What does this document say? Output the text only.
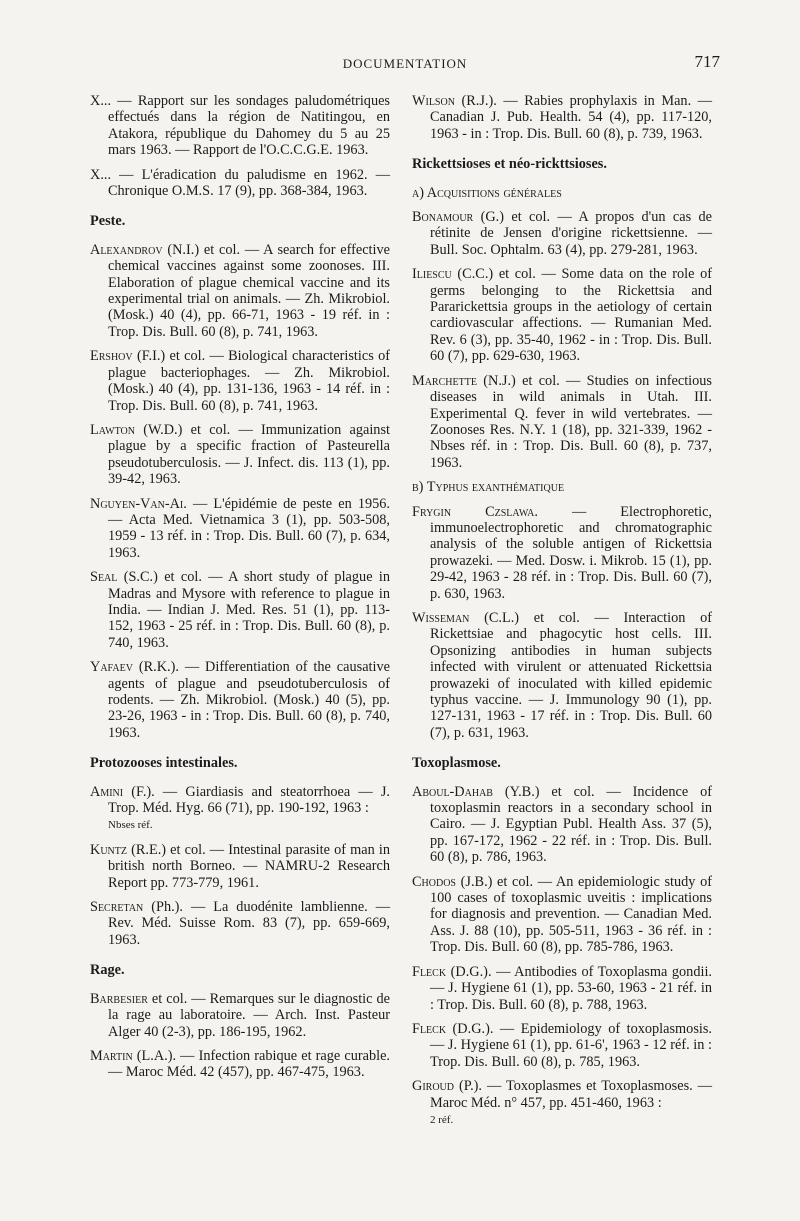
DOCUMENTATION	717
X... — Rapport sur les sondages paludométriques effectués dans la région de Natitingou, en Atakora, république du Dahomey du 5 au 25 mars 1963. — Rapport de l'O.C.C.G.E. 1963.
X... — L'éradication du paludisme en 1962. — Chronique O.M.S. 17 (9), pp. 368-384, 1963.
Peste.
Alexandrov (N.I.) et col. — A search for effective chemical vaccines against some zoonoses. III. Elaboration of plague chemical vaccine and its experimental trial on animals. — Zh. Mikrobiol. (Mosk.) 40 (4), pp. 66-71, 1963 - 19 réf. in : Trop. Dis. Bull. 60 (8), p. 741, 1963.
Ershov (F.I.) et col. — Biological characteristics of plague bacteriophages. — Zh. Mikrobiol. (Mosk.) 40 (4), pp. 131-136, 1963 - 14 réf. in : Trop. Dis. Bull. 60 (8), p. 741, 1963.
Lawton (W.D.) et col. — Immunization against plague by a specific fraction of Pasteurella pseudotuberculosis. — J. Infect. dis. 113 (1), pp. 39-42, 1963.
Nguyen-Van-Ai. — L'épidémie de peste en 1956. — Acta Med. Vietnamica 3 (1), pp. 503-508, 1959 - 13 réf. in : Trop. Dis. Bull. 60 (7), p. 634, 1963.
Seal (S.C.) et col. — A short study of plague in Madras and Mysore with reference to plague in India. — Indian J. Med. Res. 51 (1), pp. 113-152, 1963 - 25 réf. in : Trop. Dis. Bull. 60 (8), p. 740, 1963.
Yafaev (R.K.). — Differentiation of the causative agents of plague and pseudotuberculosis of rodents. — Zh. Mikrobiol. (Mosk.) 40 (5), pp. 23-26, 1963 - in : Trop. Dis. Bull. 60 (8), p. 740, 1963.
Protozooses intestinales.
Amini (F.). — Giardiasis and steatorrhoea — J. Trop. Méd. Hyg. 66 (71), pp. 190-192, 1963 :
Nbses réf.
Kuntz (R.E.) et col. — Intestinal parasite of man in british north Borneo. — NAMRU-2 Research Report pp. 773-779, 1961.
Secretan (Ph.). — La duodénite lamblienne. — Rev. Méd. Suisse Rom. 83 (7), pp. 659-669, 1963.
Rage.
Barbesier et col. — Remarques sur le diagnostic de la rage au laboratoire. — Arch. Inst. Pasteur Alger 40 (2-3), pp. 186-195, 1962.
Martin (L.A.). — Infection rabique et rage curable. — Maroc Méd. 42 (457), pp. 467-475, 1963.
Wilson (R.J.). — Rabies prophylaxis in Man. — Canadian J. Pub. Health. 54 (4), pp. 117-120, 1963 - in : Trop. Dis. Bull. 60 (8), p. 739, 1963.
Rickettsioses et néo-rickttsioses.
a) Acquisitions générales
Bonamour (G.) et col. — A propos d'un cas de rétinite de Jensen d'origine rickettsienne. — Bull. Soc. Ophtalm. 63 (4), pp. 279-281, 1963.
Iliescu (C.C.) et col. — Some data on the role of germs belonging to the Rickettsia and Pararickettsia groups in the aetiology of certain cardiovascular affections. — Rumanian Med. Rev. 6 (3), pp. 35-40, 1962 - in : Trop. Dis. Bull. 60 (7), pp. 629-630, 1963.
Marchette (N.J.) et col. — Studies on infectious diseases in wild animals in Utah. III. Experimental Q. fever in wild vertebrates. — Zoonoses Res. N.Y. 1 (18), pp. 321-339, 1962 - Nbses réf. in : Trop. Dis. Bull. 60 (8), p. 737, 1963.
b) Typhus exanthématique
Frygin Czslawa. — Electrophoretic, immunoelectrophoretic and chromatographic analysis of the soluble antigen of Rickettsia prowazeki. — Med. Dosw. i. Mikrob. 15 (1), pp. 29-42, 1963 - 28 réf. in : Trop. Dis. Bull. 60 (7), p. 630, 1963.
Wisseman (C.L.) et col. — Interaction of Rickettsiae and phagocytic host cells. III. Opsonizing antibodies in human subjects infected with virulent or attenuated Rickettsia prowazeki of inoculated with killed epidemic typhus vaccine. — J. Immunology 90 (1), pp. 127-131, 1963 - 17 réf. in : Trop. Dis. Bull. 60 (7), p. 631, 1963.
Toxoplasmose.
Aboul-Dahab (Y.B.) et col. — Incidence of toxoplasmin reactors in a secondary school in Cairo. — J. Egyptian Publ. Health Ass. 37 (5), pp. 167-172, 1962 - 22 réf. in : Trop. Dis. Bull. 60 (8), p. 786, 1963.
Chodos (J.B.) et col. — An epidemiologic study of 100 cases of toxoplasmic uveitis : implications for diagnosis and prevention. — Canadian Med. Ass. J. 88 (10), pp. 505-511, 1963 - 36 réf. in : Trop. Dis. Bull. 60 (8), pp. 785-786, 1963.
Fleck (D.G.). — Antibodies of Toxoplasma gondii. — J. Hygiene 61 (1), pp. 53-60, 1963 - 21 réf. in : Trop. Dis. Bull. 60 (8), p. 788, 1963.
Fleck (D.G.). — Epidemiology of toxoplasmosis. — J. Hygiene 61 (1), pp. 61-6', 1963 - 12 réf. in : Trop. Dis. Bull. 60 (8), p. 785, 1963.
Giroud (P.). — Toxoplasmes et Toxoplasmoses. — Maroc Méd. n° 457, pp. 451-460, 1963 :
2 réf.
